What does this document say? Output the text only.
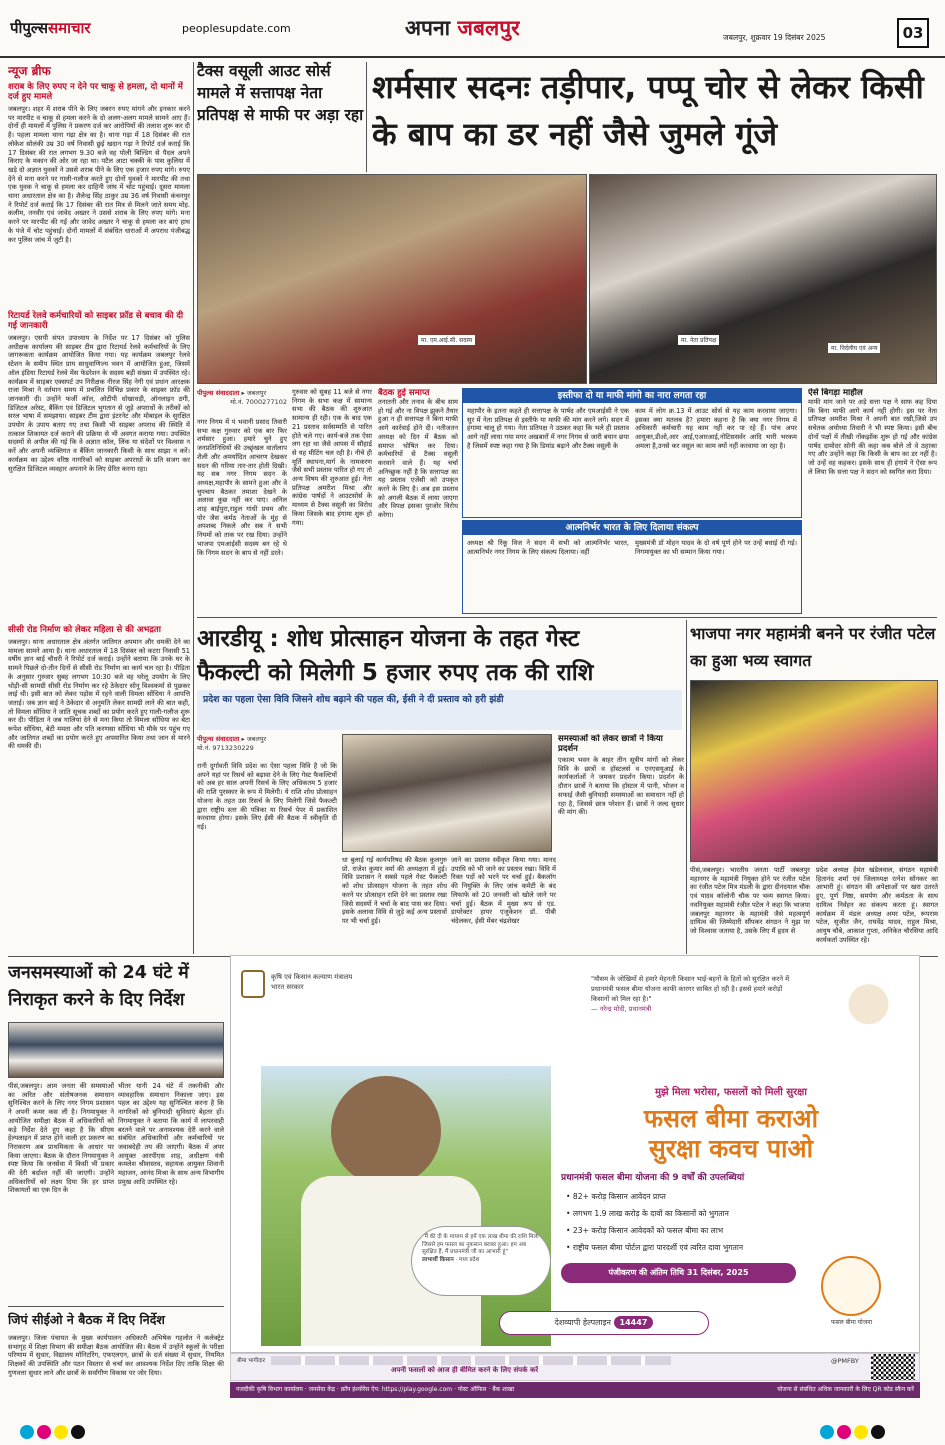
पीपुल्ससमाचार	peoplesupdate.com	अपना जबलपुर	जबलपुर, शुक्रवार 19 दिसंबर 2025	03
न्यूज ब्रीफ
शराब के लिए रुपए न देने पर चाकू से हमला, दो थानों में दर्ज हुए मामले
जबलपुर। शहर में शराब पीने के लिए जबरन रुपए मांगने और इनकार करने पर मारपीट व चाकू से हमला करने के दो अलग-अलग मामले सामने आए हैं। दोनों ही मामलों में पुलिस ने प्रकरण दर्ज कर आरोपियों की तलाश शुरू कर दी है। पहला मामला थाना गढ़ा क्षेत्र का है। थाना गढ़ा में 18 दिसंबर की रात लोकेश सोलंकी उम्र 30 वर्ष निवासी छुई खदान गढ़ा ने रिपोर्ट दर्ज कराई कि 17 दिसंबर की रात लगभग 9.30 बजे वह पोली बिल्डिंग से पैदल अपने किराए के मकान की ओर जा रहा था। पटैल आटा चक्की के पास कुलिया में खड़े दो अज्ञात युवकों ने उससे शराब पीने के लिए एक हजार रुपए मांगे। रुपए देने से मना करने पर गाली-गलौज करते हुए दोनों युवकों ने मारपीट की तथा एक युवक ने चाकू से हमला कर दाहिनी जांघ में चोट पहुंचाई। दूसरा मामला थाना अधारताल क्षेत्र का है। शैलेन्द्र सिंह ठाकुर उम्र 36 वर्ष निवासी कंचनपुर ने रिपोर्ट दर्ज कराई कि 17 दिसंबर की रात मित्र से मिलने जाते समय मोह. कलीम, तनवीर एवं जावेद अख्तर ने उससे शराब के लिए रुपए मांगे। मना करने पर मारपीट की गई और जावेद अख्तर ने चाकू से हमला कर बाएं हाथ के पंजे में चोट पहुंचाई। दोनों मामलों में संबंधित धाराओं में अपराध पंजीबद्ध कर पुलिस जांच में जुटी है।
रिटायर्ड रेलवे कर्मचारियों को साइबर फ्रॉड से बचाव की दी गई जानकारी
जबलपुर। एसपी संपत उपाध्याय के निर्देश पर 17 दिसंबर को पुलिस अधीक्षक कार्यालय की साइबर टीम द्वारा रिटायर्ड रेलवे कर्मचारियों के लिए जागरूकता कार्यक्रम आयोजित किया गया। यह कार्यक्रम जबलपुर रेलवे स्टेशन के समीप स्थित प्राय साधुवाणिज्य भवन में आयोजित हुआ, जिसमें ऑल इंडिया रिटायर्ड रेलवे मेंस फेडरेशन के सदस्य बड़ी संख्या में उपस्थित रहे। कार्यक्रम में साइबर एक्सपर्ट उप निरीक्षक नीरज सिंह नेगी एवं प्रधान आरक्षक राजा मिश्रा ने वर्तमान समय में प्रचलित विभिन्न प्रकार के साइबर फ्रॉड की जानकारी दी। उन्होंने फर्जी कॉल, ओटीपी धोखाधड़ी, ऑनलाइन ठगी, डिजिटल अरेस्ट, बैंकिंग एवं डिजिटल भुगतान से जुड़े अपराधों के तरीकों को सरल भाषा में समझाया। साइबर टीम द्वारा इंटरनेट और मोबाइल के सुरक्षित उपयोग के उपाय बताए गए तथा किसी भी साइबर अपराध की स्थिति में तत्काल शिकायत दर्ज कराने की प्रक्रिया से भी अवगत कराया गया। उपस्थित सदस्यों से अपील की गई कि वे अज्ञात कॉल, लिंक या संदेशों पर विश्वास न करें और अपनी व्यक्तिगत व बैंकिंग जानकारी किसी के साथ साझा न करें। कार्यक्रम का उद्देश्य वरिष्ठ नागरिकों को साइबर अपराधों के प्रति सजग कर सुरक्षित डिजिटल व्यवहार अपनाने के लिए प्रेरित करना रहा।
सीसी रोड निर्माण को लेकर महिला से की अभद्रता
जबलपुर। थाना अधारताल क्षेत्र अंतर्गत जातिगत अपमान और धमकी देने का मामला सामने आया है। थाना अधारताल में 18 दिसंबर को कटरा निवासी 51 वर्षीय ज्ञान बाई चौधरी ने रिपोर्ट दर्ज कराई। उन्होंने बताया कि उनके घर के सामने पिछले दो-तीन दिनों से सीसी रोड निर्माण का कार्य चल रहा है। पीड़िता के अनुसार गुरुवार सुबह लगभग 10:30 बजे वह घरेलू उपयोग के लिए थोड़ी-सी सामग्री सीसी रोड निर्माण कर रहे ठेकेदार सोनू विश्वकर्मा से पूछकर लाई थी। इसी बात को लेकर पड़ोस में रहने वाली विमला सोंधिया ने आपत्ति जताई। जब ज्ञान बाई ने ठेकेदार से अनुमति लेकर सामग्री लाने की बात कही, तो विमला सोंधिया ने जाति सूचक शब्दों का प्रयोग करते हुए गाली-गलौज शुरू कर दी। पीड़िता ने जब गालियां देने से मना किया तो विमला सोंधिया का बेटा रूपेश सोंधिया, बेटी ममता और पति करणसा सोंधिया भी मौके पर पहुंच गए और जातिगत शब्दों का प्रयोग करते हुए अपमानित किया तथा जान से मारने की धमकी दी।
टैक्स वसूली आउट सोर्स मामले में सत्तापक्ष नेता प्रतिपक्ष से माफी पर अड़ा रहा
शर्मसार सदनः तड़ीपार, पप्पू चोर से लेकर किसी के बाप का डर नहीं जैसे जुमले गूंजे
मा. एम.आई.सी. सदस्य	मा. नेता प्रतिपक्ष
मा. निर्दलीय एवं अन्य
पीपुल्स संवाददाता ▸ जबलपुर
मो.नं. 7000277102
नगर निगम में पं भवानी प्रसाद तिवारी सभा कक्ष गुरुवार को एक बार फिर शर्मसार हुआ। हमारे चुने हुए जनप्रतिनिधियों की उच्छृंखल वार्तालाप शैली और अमर्यादित आचरण देखकर सदन की गरिमा तार-तार होती दिखी। यह सब नगर निगम सदन के अध्यक्ष,महापौर के सामने हुआ और वे चुपचाप बैठकर तमाशा देखने के अलावा कुछ नहीं कर पाए। अनिल शाह बाईपुरा,राहुल गांधी प्रथम और पोर जैस कर्मठ नेताओं के मुंह से अपशब्द निकले और सब ने सभी नियमों को ताक पर रख दिया। उन्होंने भाजपा एमआईसी सदस्य बन रहे थे कि निगम सदन के बाप से नहीं डरते।
गुरुवार को सुबह 11 बजे से नगर निगम के सभा कक्ष में सामान्य सभा की बैठक की शुरुआत सामान्य ही रही। एक के बाद एक 21 प्रस्ताव सर्वसम्मति से पारित होते चले गए। कार्य-बजे तक ऐसा लग रहा था जैसे आपस में सौहार्द्र से यह मीटिंग चल रही है। नीचे ही मूर्ति स्थापना,मार्ग के नामकरण जैसे सभी प्रस्ताव पारित हो गए तो अन्य विषय की शुरुआत हुई। नेता प्रतिपक्ष अमरीश मिश्रा और कांग्रेस पार्षदों ने आउटसोर्स के माध्यम से टैक्स वसूली का विरोध किया जिसके बाद हंगामा शुरू हो गया।
बैठक हुई समाप्त
तनातनी और तनाव के बीच साम हो गई और ना विपक्ष झुकने तैयार हुआ न ही सत्तापक्ष ने बिना माफी आगे कार्रवाई होने दी। नतीजतन अध्यक्ष को दिन में बैठक को समाप्त घोषित कर दिया। कर्मचारियों से टैक्स वसूली करवाने वाले हैं। यह चर्चा अनिच्छुक नहीं है कि सत्तापक्ष का यह प्रस्ताव एजेंसी को उपकृत करने के लिए है। अब इस प्रस्ताव को अगली बैठक में लाया जाएगा और विपक्ष इसका पुरजोर विरोध करेगा।
इस्तीफा दो या माफी मांगो का नारा लगता रहा
महापौर के इतना कहते ही सत्तापक्ष के पार्षद और एमआईसी ने एक सुर में नेता प्रतिपक्ष से इस्तीफे या माफी की मांग करने लगे। सदन में हंगामा चालू हो गया। नेता प्रतिपक्ष ने उठकर कहा कि भले ही प्रस्ताव आगे नहीं लाया गया मगर अखबारों में नगर निगम से जारी बयान छपा है जिसमें स्पष्ट कहा गया है कि डिमांड बढ़ाने और टैक्स वसूली के
काम में लोग क्र.13 में आउट सोर्स से यह काम करवाया जाएगा। इसका क्या मतलब है? हमारा कहना है कि क्या नगर निगम में अधिकारी कर्मचारी यह काम नहीं कर पा रहे हैं। पांच अपर आयुक्त,डीओ,आर आई,एआरआई,नोटिससर्वर आदि भारी भरकम अमला है,उनसे कर वसूल का काम क्यों नहीं करवाया जा रहा है।
आत्मनिर्भर भारत के लिए दिलाया संकल्प
अध्यक्ष श्री रिंकू विज ने सदन में सभी को आत्मनिर्भर भारत, आत्मनिर्भर नगर निगम के लिए संकल्प दिलाया। वहीं
मुख्यमंत्री डॉ मोहन यादव के दो वर्ष पूर्ण होने पर उन्हें बधाई दी गई। निगमायुक्त का भी सम्मान किया गया।
ऐसे बिगड़ा माहौल
माफी मांग जाने पर अड़े सत्ता पक्ष ने साफ कह दिया कि बिना माफी आगे कार्य नहीं होगी। इस पर नेता प्रतिपक्ष अमरीश मिश्रा ने अपनी बात रखी,जिसे उप सचेतक अयोध्या तिवारी ने भी स्पष्ट किया। इसी बीच दोनों पक्षों में तीखी नोंकझोंक शुरू हो गई और कांग्रेस पार्षद दामोदर सोनी की कहा कब बोले तो वे ठहाका गए और उन्होंने कहा कि किसी के बाप का डर नहीं है। जो उन्हें वह कहकर। इसके साथ ही हंगामे ने ऐसा रूप ले लिया कि सत्ता पक्ष ने सदन को स्थगित करा दिया।
आरडीयू : शोध प्रोत्साहन योजना के तहत गेस्ट
फैकल्टी को मिलेगी 5 हजार रुपए तक की राशि
प्रदेश का पहला ऐसा विवि जिसने शोध बढ़ाने की पहल की, ईसी ने दी प्रस्ताव को हरी झंडी
पीपुल्स संवाददाता ▸ जबलपुर
मो.नं. 9713230229
रानी दुर्गावती विवि प्रदेश का ऐसा पहला विवि है जो कि अपने यहां पर रिसर्च को बढ़ावा देने के लिए गेस्ट फैकल्टियों को अब हर साल अपनी रिसर्च के लिए अधिकतम 5 हजार की राशि पुरस्कार के रूप में मिलेगी। ये राशि शोध प्रोत्साहन योजना के तहत उस रिसर्च के लिए मिलेगी जिसे फैकल्टी द्वारा राष्ट्रीय स्तर की पत्रिका या रिसर्च पेपर में प्रकाशित करवाया होगा। इसके लिए ईसी की बैठक में स्वीकृति दी गई।
धा बुलाई गई कार्यपरिषद की बैठक कुलगुरु प्रो. राजेश कुमार वर्मा की अध्यक्षता में हुई। विवि प्रशासन ने सबसे पहले गेस्ट फैकल्टी को शोध प्रोत्साहन योजना के तहत शोध करने पर प्रोत्साहन राशि देने का प्रस्ताव रखा जिसे सदस्यों ने चर्चा के बाद पास कर दिया। इसके अलावा विवि से जुड़े कई अन्य प्रस्तावों पर भी चर्चा हुई।
जाने का प्रस्ताव स्वीकृत किया गया। मानद उपाधि को भी जाने का प्रस्ताव रखा। विवि में रिक्त पदों को भरने पर चर्चा हुई। बैकलॉग की नियुक्ति के लिए जांच कमेटी के बंद लिफाफे को 20 जनवरी को खोले जाने पर चर्चा हुई। बैठक में मुख्य रूप से एड. डायरेक्टर हायर एजुकेशन डॉ. पीबी चंदेलकर, ईसी मेंबर चंद्रशेखर
समस्याओं को लेकर छात्रों ने किया प्रदर्शन
एकात्म भवन के बाहर तीन सूत्रीय मांगों को लेकर विवि के छात्रों व हॉस्टलर्स व एनएसयूआई के कार्यकर्ताओं ने जमकर प्रदर्शन किया। प्रदर्शन के दौरान छात्रों ने बताया कि हॉस्टल में पानी, भोजन व सफाई जैसी बुनियादी समस्याओं का समाधान नहीं हो रहा है, जिससे छात्र परेशान हैं। छात्रों ने जल्द सुधार की मांग की।
भाजपा नगर महामंत्री बनने पर रंजीत पटेल का हुआ भव्य स्वागत
पीसं,जबलपुर। भारतीय जनता पार्टी जबलपुर महानगर के महामंत्री नियुक्त होने पर रंजीत पटेल का रंजीत पटेल मित्र मंडली के द्वारा दीनदयाल चौक एवं यादव कॉलोनी चौक पर भव्य स्वागत किया। नवनियुक्त महामंत्री रंजीत पटेल ने कहा कि भाजपा जबलपुर महानगर के महामंत्री जैसे महत्वपूर्ण दायित्व की जिम्मेदारी सौंपकर संगठन ने मुझ पर जो विश्वास जताया है, उसके लिए मैं हृदय से
प्रदेश अध्यक्ष हेमंत खंडेलवाल, संगठन महामंत्री हितानंद शर्मा एवं जिलाध्यक्ष रत्नेश सोनकर का आभारी हूं। संगठन की अपेक्षाओं पर खरा उतरते हुए, पूर्ण निष्ठा, समर्पण और कर्मठता के साथ दायित्व निर्वहन का संकल्प करता हूं। स्वागत कार्यक्रम में मंडल अध्यक्ष अमर पटेल, रूपराम पटेल, सुजीत जैन, राघवेंद्र यादव, राहुल मिश्रा, आयुष चौबे, आकाश गुप्ता, अनिकेत चौरसिया आदि कार्यकर्ता उपस्थित रहे।
जनसमस्याओं को 24 घंटे में निराकृत करने के दिए निर्देश
पीसं,जबलपुर। आम जनता की समस्याओं का त्वरित और संतोषजनक समाधान सुनिश्चित करने के लिए नगर निगम प्रशासन ने अपनी कमर कस ली है। निगमायुक्त ने आयोजित समीक्षा बैठक में अधिकारियों को कड़े निर्देश देते हुए कहा है कि सीएम हेल्पलाइन में प्राप्त होने वाली हर प्रकरण का निराकरण अब प्राथमिकता के आधार पर किया जाएगा। बैठक के दौरान निगमायुक्त ने स्पष्ट किया कि जनसेवा में किसी भी प्रकार की देरी बर्दाश्त नहीं की जाएगी। उन्होंने अधिकारियों को लक्ष्य दिया कि हर प्राप्त शिकायतों का एक दिन के
भीतर यानी 24 घंटे में तकनीकी और व्यावहारिक समाधान निकाला जाए। इस पहल का उद्देश्य यह सुनिश्चित करना है कि नागरिकों को बुनियादी सुविधाएं बेहतर हों। निगमायुक्त ने बताया कि कार्य में लापरवाही बरतने वाले पर अनावश्यक देरी करने वाले संबंधित अधिकारियों और कर्मचारियों पर जवाबदेही तय की जाएगी। बैठक में अपर आयुक्त आरपीएस शाह, अधीक्षण यंत्री कमलेश श्रीवास्तव, सहायक आयुक्त शिवानी महाजन, आनंद मिश्रा के साथ अन्य विभागीय प्रमुख आदि उपस्थित रहे।
जिपं सीईओ ने बैठक में दिए निर्देश
जबलपुर। जिला पंचायत के मुख्य कार्यपालन अधिकारी अभिषेक गहलोत ने कलेक्ट्रेट सभागृह में शिक्षा विभाग की समीक्षा बैठक आयोजित की। बैठक में उन्होंने स्कूलों के परीक्षा परिणाम में सुधार, विद्यालय मॉनिटरिंग, एफएलएन, छात्रों के दर्ज संख्या में सुधार, नियमित शिक्षकों की उपस्थिति और पठन विस्तार से चर्चा कर आवश्यक निर्देश दिए ताकि शिक्षा की गुणवत्ता सुधार लाने और छात्रों के सर्वांगीण विकास पर जोर दिया।
कृषि एवं किसान कल्याण मंत्रालय
भारत सरकार
"मौसम के जोखिमों से हमारे मेहनती किसान भाई-बहनों के हितों को सुरक्षित करने में प्रधानमंत्री फसल बीमा योजना काफी कारगर साबित हो रही है। इससे हमारे करोड़ों किसानों को मिल रहा है।"
— नरेन्द्र मोदी, प्रधानमंत्री
"मैं की दी के माध्यम से हमें एक लाख बीमा की राशि मिली जिससे हम फसल का नुकसान बराबर हुआ। हम अब सुरक्षित हैं, मैं प्रधानमंत्री जी का आभारी हूं"
लाभार्थी किसान · मध्य प्रदेश
मुझे मिला भरोसा, फसलों को मिली सुरक्षा
फसल बीमा कराओ
सुरक्षा कवच पाओ
प्रधानमंत्री फसल बीमा योजना की 9 वर्षों की उपलब्धियां
• 82+ करोड़ किसान आवेदन प्राप्त
• लगभग 1.9 लाख करोड़ के दावों का किसानों को भुगतान
• 23+ करोड़ किसान आवेदकों को फसल बीमा का लाभ
• राष्ट्रीय फसल बीमा पोर्टल द्वारा पारदर्शी एवं त्वरित दावा भुगतान
पंजीकरण की अंतिम तिथि 31 दिसंबर, 2025
फसल बीमा योजना
देशव्यापी हेल्पलाइन 14447
बीमा भागीदार
अपनी फसलों को आज ही बीमित करने के लिए संपर्क करें
@PMFBY
नजदीकी कृषि विभाग कार्यालय · जनसेवा केंद्र · क्रॉप इंश्योरेंस ऐप: https://play.google.com · पोस्ट ऑफिस · बैंक शाखा	योजना से संबंधित अधिक जानकारी के लिए QR कोड स्कैन करें
